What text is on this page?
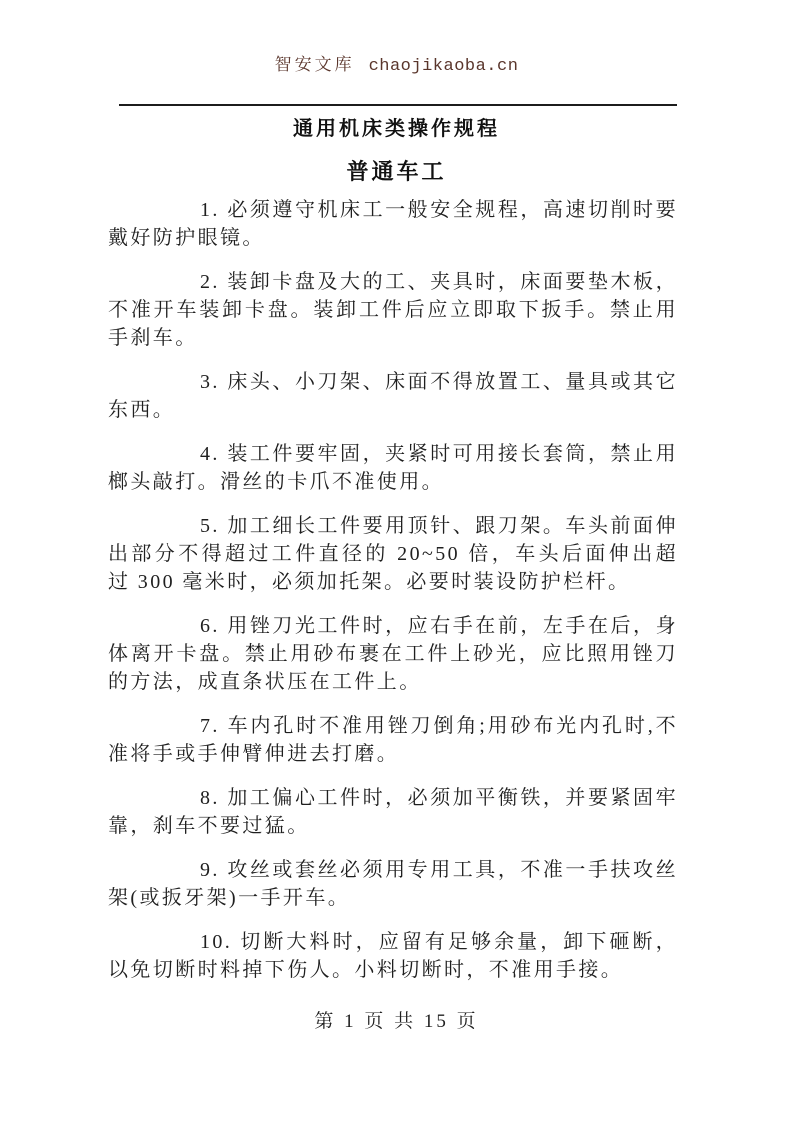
智安文库 chaojikaoba.cn
通用机床类操作规程
普通车工

1. 必须遵守机床工一般安全规程，高速切削时要戴好防护眼镜。

2. 装卸卡盘及大的工、夹具时，床面要垫木板，不准开车装卸卡盘。装卸工件后应立即取下扳手。禁止用手刹车。

3. 床头、小刀架、床面不得放置工、量具或其它东西。

4. 装工件要牢固，夹紧时可用接长套筒，禁止用榔头敲打。滑丝的卡爪不准使用。

5. 加工细长工件要用顶针、跟刀架。车头前面伸出部分不得超过工件直径的 20~50 倍，车头后面伸出超过 300 毫米时，必须加托架。必要时装设防护栏杆。

6. 用锉刀光工件时，应右手在前，左手在后，身体离开卡盘。禁止用砂布裹在工件上砂光，应比照用锉刀的方法，成直条状压在工件上。

7. 车内孔时不准用锉刀倒角;用砂布光内孔时,不准将手或手伸臂伸进去打磨。

8. 加工偏心工件时，必须加平衡铁，并要紧固牢靠，刹车不要过猛。

9. 攻丝或套丝必须用专用工具，不准一手扶攻丝架(或扳牙架)一手开车。

10. 切断大料时，应留有足够余量，卸下砸断，以免切断时料掉下伤人。小料切断时，不准用手接。

第 1 页 共 15 页
